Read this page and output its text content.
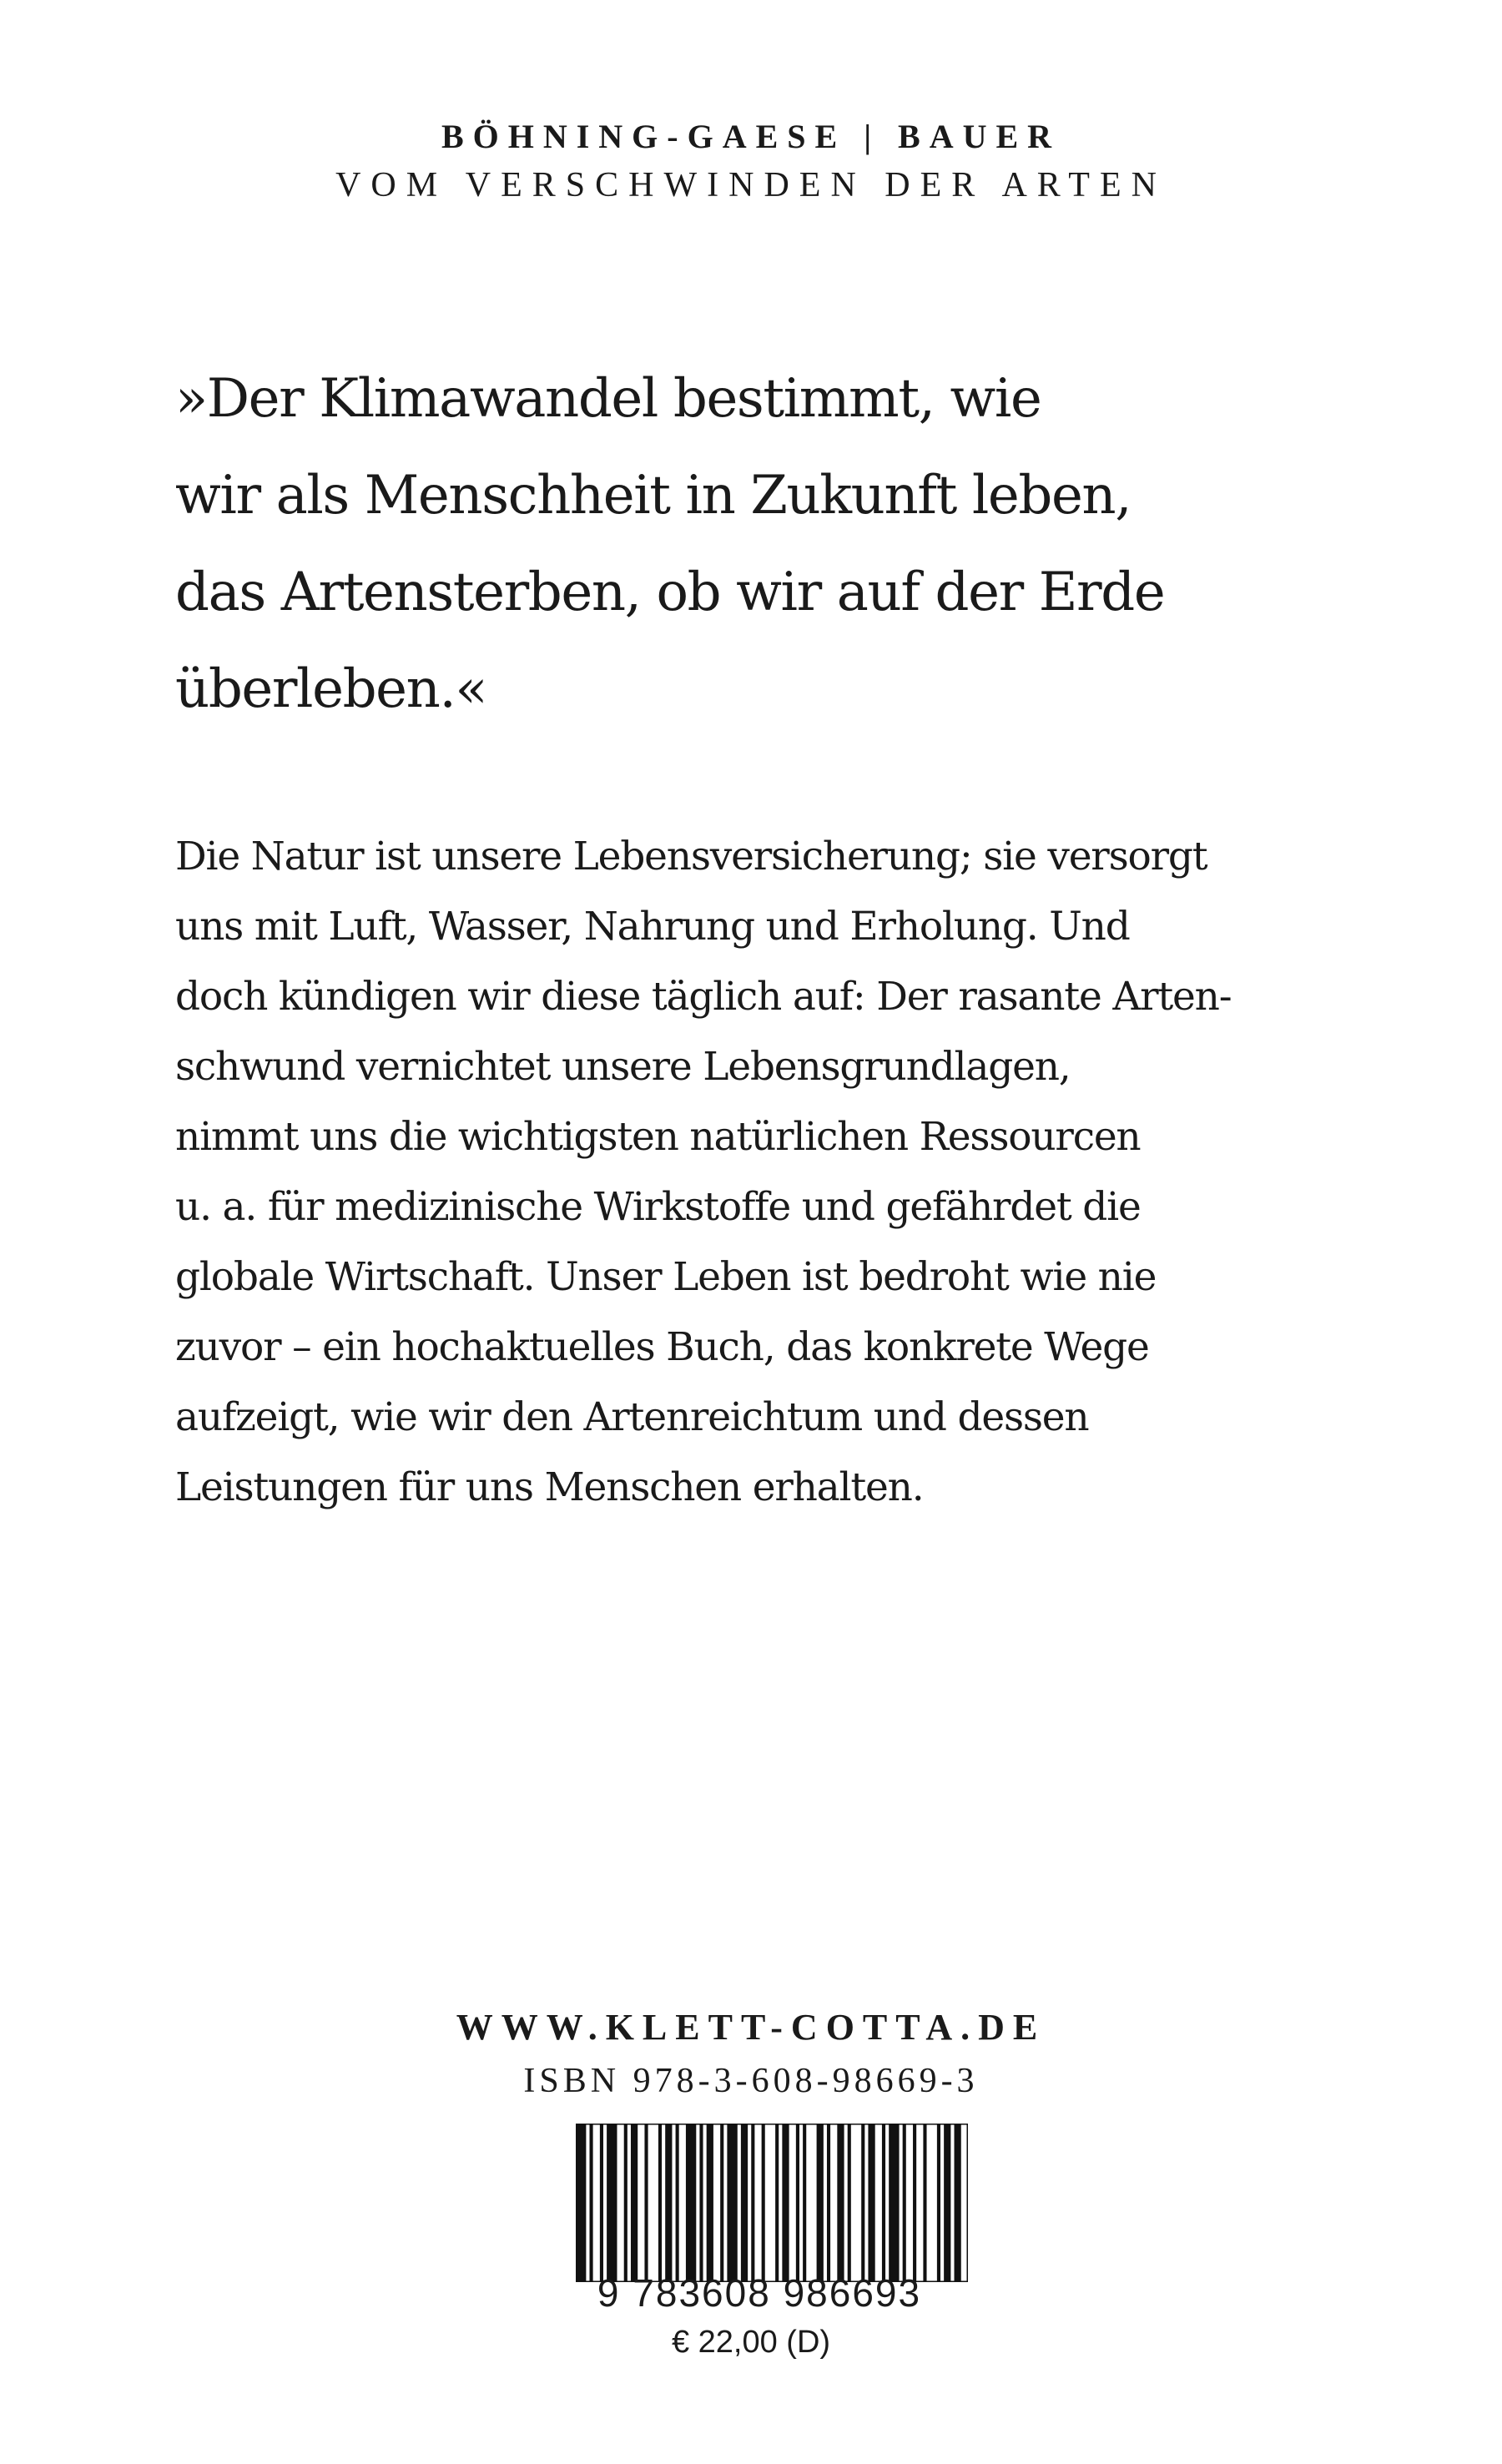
BÖHNING-GAESE | BAUER
VOM VERSCHWINDEN DER ARTEN
»Der Klimawandel bestimmt, wie
wir als Menschheit in Zukunft leben,
das Artensterben, ob wir auf der Erde
überleben.«
Die Natur ist unsere Lebensversicherung; sie versorgt
uns mit Luft, Wasser, Nahrung und Erholung. Und
doch kündigen wir diese täglich auf: Der rasante Arten-
schwund vernichtet unsere Lebensgrundlagen,
nimmt uns die wichtigsten natürlichen Ressourcen
u. a. für medizinische Wirkstoffe und gefährdet die
globale Wirtschaft. Unser Leben ist bedroht wie nie
zuvor – ein hochaktuelles Buch, das konkrete Wege
aufzeigt, wie wir den Artenreichtum und dessen
Leistungen für uns Menschen erhalten.
WWW.KLETT-COTTA.DE
ISBN 978-3-608-98669-3
9 783608 986693
€ 22,00 (D)
